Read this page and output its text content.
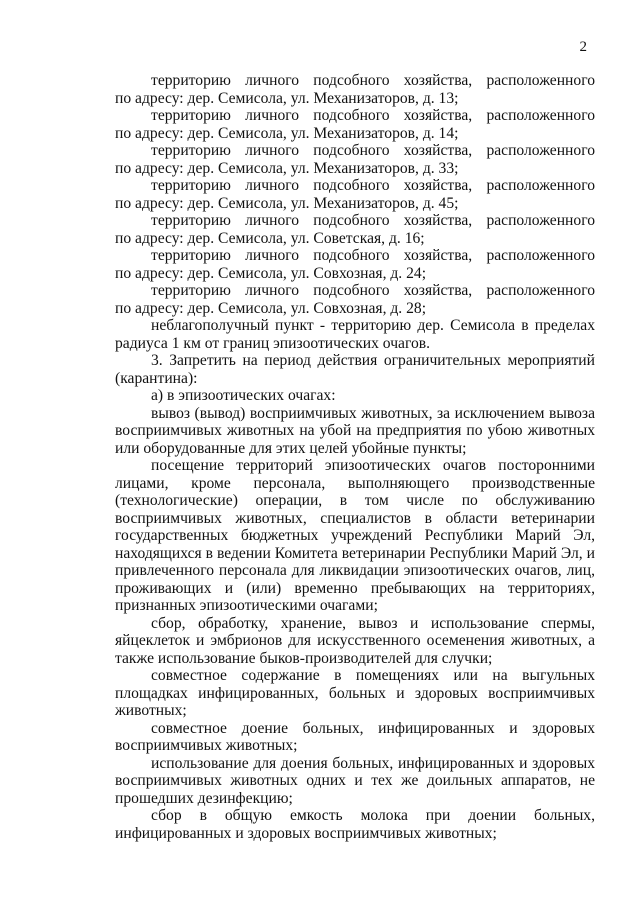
2

территорию личного подсобного хозяйства, расположенного
по адресу: дер. Семисола, ул. Механизаторов, д. 13;

территорию личного подсобного хозяйства, расположенного
по адресу: дер. Семисола, ул. Механизаторов, д. 14;

территорию личного подсобного хозяйства, расположенного
по адресу: дер. Семисола, ул. Механизаторов, д. 33;

территорию личного подсобного хозяйства, расположенного
по адресу: дер. Семисола, ул. Механизаторов, д. 45;

территорию личного подсобного хозяйства, расположенного
по адресу: дер. Семисола, ул. Советская, д. 16;

территорию личного подсобного хозяйства, расположенного
по адресу: дер. Семисола, ул. Совхозная, д. 24;

территорию личного подсобного хозяйства, расположенного
по адресу: дер. Семисола, ул. Совхозная, д. 28;

неблагополучный пункт - территорию дер. Семисола в пределах
радиуса 1 км от границ эпизоотических очагов.

3. Запретить на период действия ограничительных мероприятий
(карантина):

а) в эпизоотических очагах:

вывоз (вывод) восприимчивых животных, за исключением вывоза
восприимчивых животных на убой на предприятия по убою животных или оборудованные для этих целей убойные пункты;

посещение территорий эпизоотических очагов посторонними
лицами, кроме персонала, выполняющего производственные (технологические) операции, в том числе по обслуживанию восприимчивых животных, специалистов в области ветеринарии государственных бюджетных учреждений Республики Марий Эл, находящихся в ведении Комитета ветеринарии Республики Марий Эл, и привлеченного персонала для ликвидации эпизоотических очагов, лиц, проживающих и (или) временно пребывающих на территориях, признанных эпизоотическими очагами;

сбор, обработку, хранение, вывоз и использование спермы,
яйцеклеток и эмбрионов для искусственного осеменения животных, а также использование быков-производителей для случки;

совместное содержание в помещениях или на выгульных
площадках инфицированных, больных и здоровых восприимчивых животных;

совместное доение больных, инфицированных и здоровых
восприимчивых животных;

использование для доения больных, инфицированных и здоровых
восприимчивых животных одних и тех же доильных аппаратов, не прошедших дезинфекцию;

сбор в общую емкость молока при доении больных,
инфицированных и здоровых восприимчивых животных;
